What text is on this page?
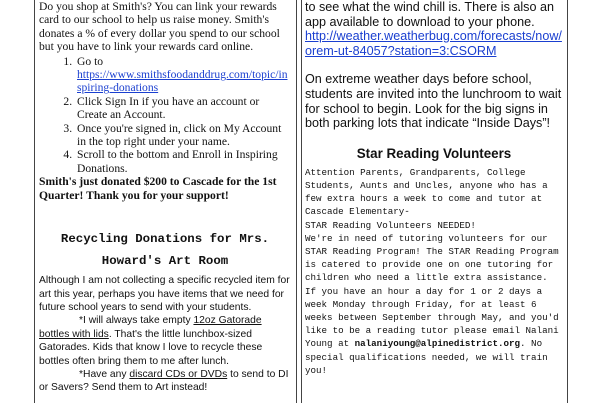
Do you shop at Smith's? You can link your rewards card to our school to help us raise money. Smith's donates a % of every dollar you spend to our school but you have to link your rewards card online.

1. Go to
https://www.smithsfoodanddrug.com/topic/inspiring-donations
2. Click Sign In if you have an account or Create an Account.
3. Once you're signed in, click on My Account in the top right under your name.
4. Scroll to the bottom and Enroll in Inspiring Donations.

Smith's just donated $200 to Cascade for the 1st Quarter! Thank you for your support!

Recycling Donations for Mrs. Howard's Art Room

Although I am not collecting a specific recycled item for art this year, perhaps you have items that we need for future school years to send with your students.

*I will always take empty 12oz Gatorade bottles with lids. That's the little lunchbox-sized Gatorades. Kids that know I love to recycle these bottles often bring them to me after lunch.

*Have any discard CDs or DVDs to send to DI or Savers? Send them to Art instead!

to see what the wind chill is. There is also an app available to download to your phone.

http://weather.weatherbug.com/forecasts/now/orem-ut-84057?station=3:CSORM

On extreme weather days before school, students are invited into the lunchroom to wait for school to begin. Look for the big signs in both parking lots that indicate “Inside Days”!

Star Reading Volunteers

Attention Parents, Grandparents, College Students, Aunts and Uncles, anyone who has a few extra hours a week to come and tutor at Cascade Elementary-

STAR Reading Volunteers NEEDED!

We're in need of tutoring volunteers for our STAR Reading Program! The STAR Reading Program is catered to provide one on one tutoring for children who need a little extra assistance. If you have an hour a day for 1 or 2 days a week Monday through Friday, for at least 6 weeks between September through May, and you'd like to be a reading tutor please email Nalani Young at nalaniyoung@alpinedistrict.org. No special qualifications needed, we will train you!
